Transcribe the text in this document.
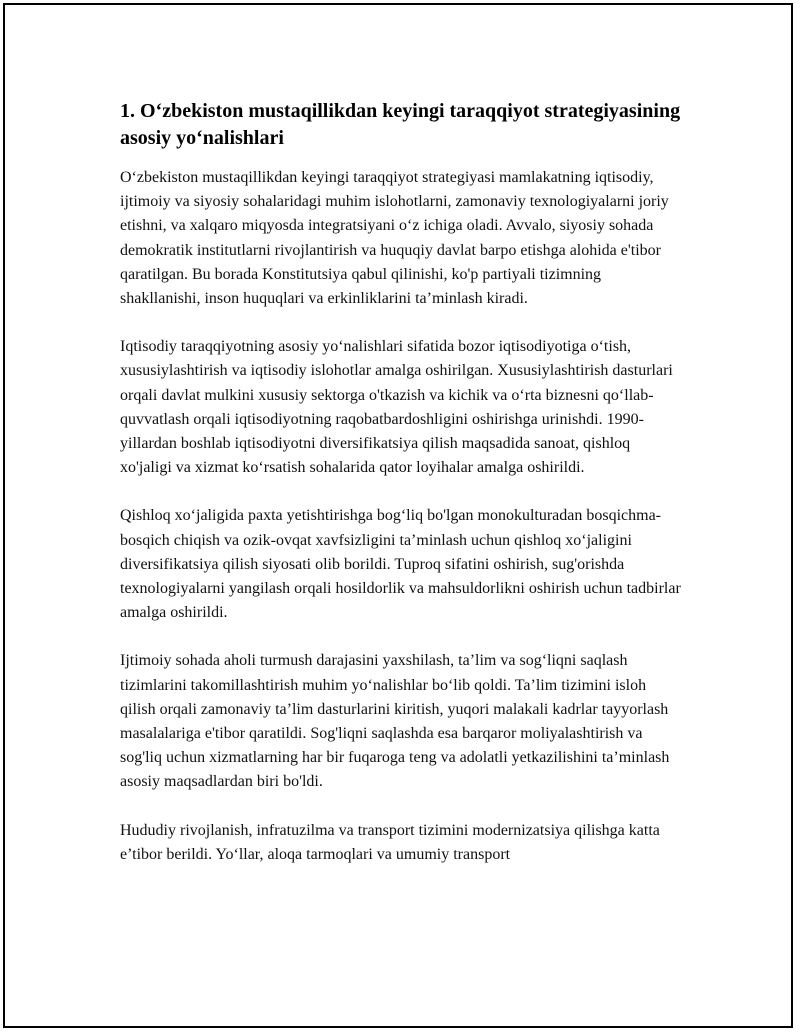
1. O‘zbekiston mustaqillikdan keyingi taraqqiyot strategiyasining asosiy yo‘nalishlari

O‘zbekiston mustaqillikdan keyingi taraqqiyot strategiyasi mamlakatning iqtisodiy, ijtimoiy va siyosiy sohalaridagi muhim islohotlarni, zamonaviy texnologiyalarni joriy etishni, va xalqaro miqyosda integratsiyani o‘z ichiga oladi. Avvalo, siyosiy sohada demokratik institutlarni rivojlantirish va huquqiy davlat barpo etishga alohida e'tibor qaratilgan. Bu borada Konstitutsiya qabul qilinishi, ko'p partiyali tizimning shakllanishi, inson huquqlari va erkinliklarini ta’minlash kiradi.

Iqtisodiy taraqqiyotning asosiy yo‘nalishlari sifatida bozor iqtisodiyotiga o‘tish, xususiylashtirish va iqtisodiy islohotlar amalga oshirilgan. Xususiylashtirish dasturlari orqali davlat mulkini xususiy sektorga o'tkazish va kichik va o‘rta biznesni qo‘llab-quvvatlash orqali iqtisodiyotning raqobatbardoshligini oshirishga urinishdi. 1990-yillardan boshlab iqtisodiyotni diversifikatsiya qilish maqsadida sanoat, qishloq xo'jaligi va xizmat ko‘rsatish sohalarida qator loyihalar amalga oshirildi.

Qishloq xo‘jaligida paxta yetishtirishga bog‘liq bo'lgan monokulturadan bosqichma-bosqich chiqish va ozik-ovqat xavfsizligini ta’minlash uchun qishloq xo‘jaligini diversifikatsiya qilish siyosati olib borildi. Tuproq sifatini oshirish, sug'orishda texnologiyalarni yangilash orqali hosildorlik va mahsuldorlikni oshirish uchun tadbirlar amalga oshirildi.

Ijtimoiy sohada aholi turmush darajasini yaxshilash, ta’lim va sog‘liqni saqlash tizimlarini takomillashtirish muhim yo‘nalishlar bo‘lib qoldi. Ta’lim tizimini isloh qilish orqali zamonaviy ta’lim dasturlarini kiritish, yuqori malakali kadrlar tayyorlash masalalariga e'tibor qaratildi. Sog'liqni saqlashda esa barqaror moliyalashtirish va sog'liq uchun xizmatlarning har bir fuqaroga teng va adolatli yetkazilishini ta’minlash asosiy maqsadlardan biri bo'ldi.

Hududiy rivojlanish, infratuzilma va transport tizimini modernizatsiya qilishga katta e’tibor berildi. Yo‘llar, aloqa tarmoqlari va umumiy transport
